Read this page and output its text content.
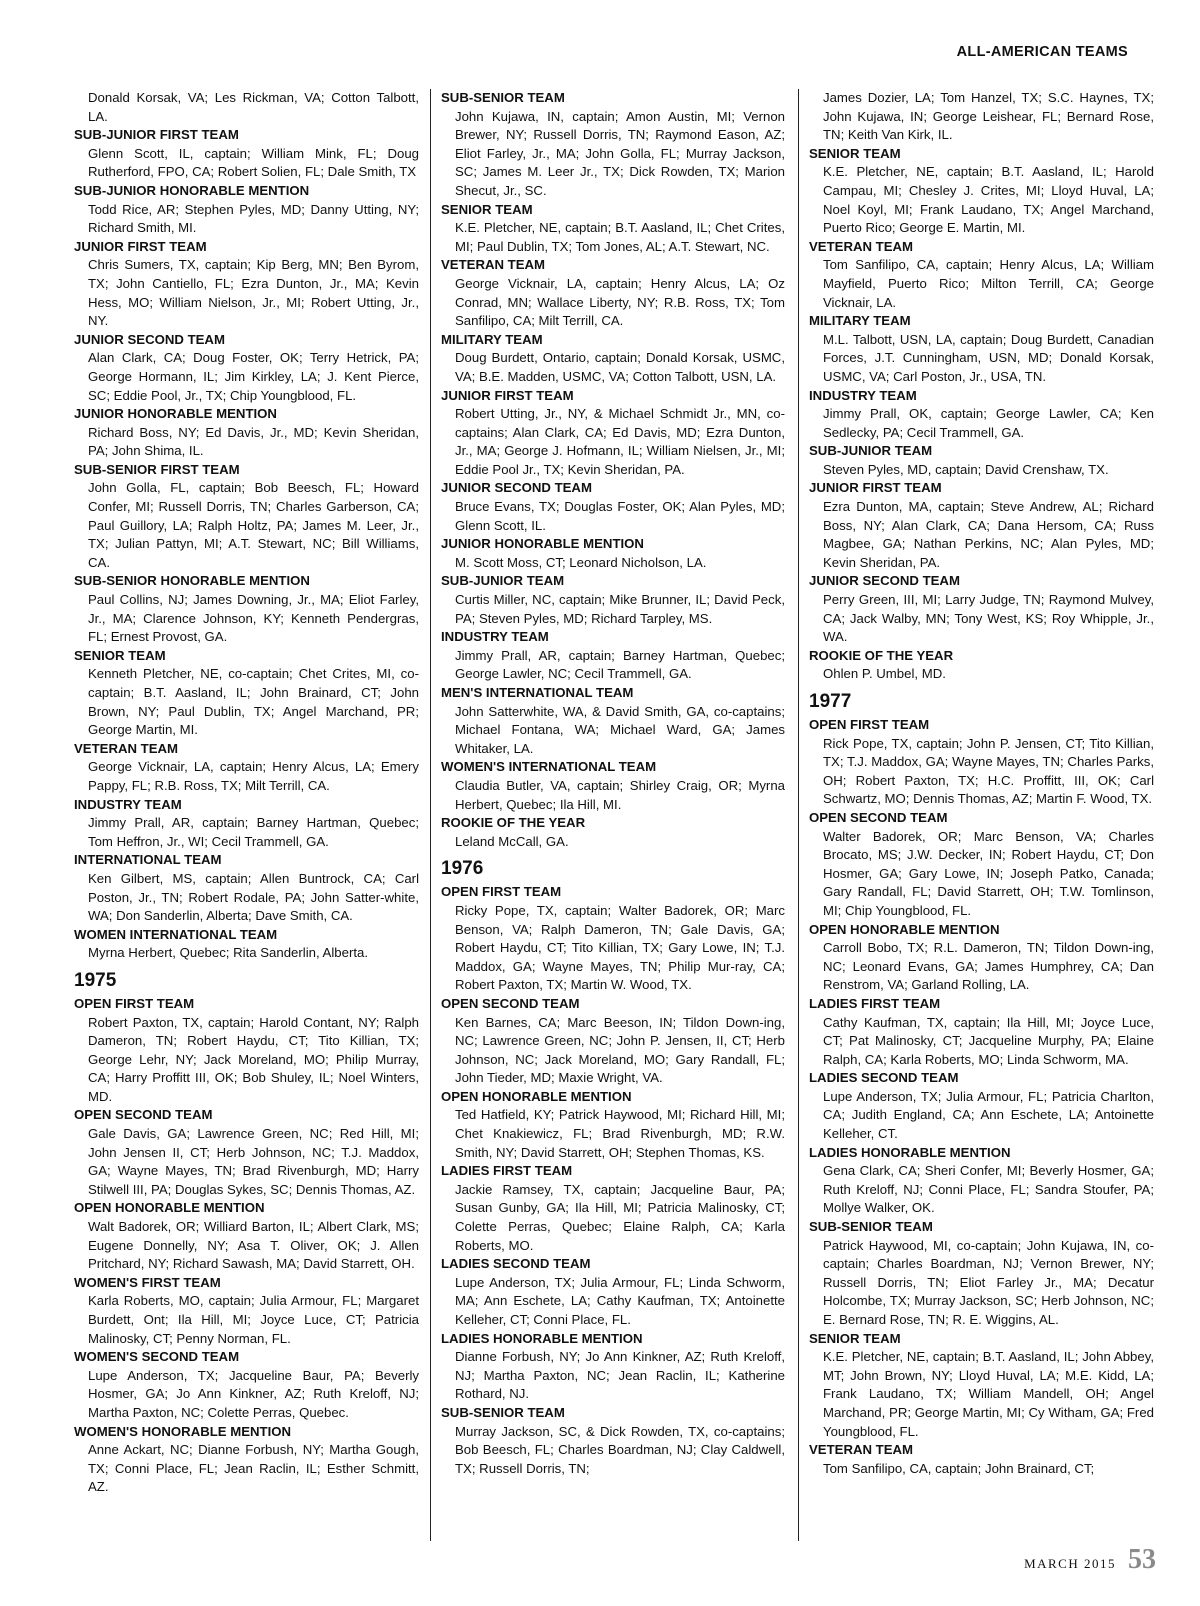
ALL-AMERICAN TEAMS
Donald Korsak, VA; Les Rickman, VA; Cotton Talbott, LA.
SUB-JUNIOR FIRST TEAM
Glenn Scott, IL, captain; William Mink, FL; Doug Rutherford, FPO, CA; Robert Solien, FL; Dale Smith, TX
SUB-JUNIOR HONORABLE MENTION
Todd Rice, AR; Stephen Pyles, MD; Danny Utting, NY; Richard Smith, MI.
JUNIOR FIRST TEAM
Chris Sumers, TX, captain; Kip Berg, MN; Ben Byrom, TX; John Cantiello, FL; Ezra Dunton, Jr., MA; Kevin Hess, MO; William Nielson, Jr., MI; Robert Utting, Jr., NY.
JUNIOR SECOND TEAM
Alan Clark, CA; Doug Foster, OK; Terry Hetrick, PA; George Hormann, IL; Jim Kirkley, LA; J. Kent Pierce, SC; Eddie Pool, Jr., TX; Chip Youngblood, FL.
JUNIOR HONORABLE MENTION
Richard Boss, NY; Ed Davis, Jr., MD; Kevin Sheridan, PA; John Shima, IL.
SUB-SENIOR FIRST TEAM
John Golla, FL, captain; Bob Beesch, FL; Howard Confer, MI; Russell Dorris, TN; Charles Garberson, CA; Paul Guillory, LA; Ralph Holtz, PA; James M. Leer, Jr., TX; Julian Pattyn, MI; A.T. Stewart, NC; Bill Williams, CA.
SUB-SENIOR HONORABLE MENTION
Paul Collins, NJ; James Downing, Jr., MA; Eliot Farley, Jr., MA; Clarence Johnson, KY; Kenneth Pendergras, FL; Ernest Provost, GA.
SENIOR TEAM
Kenneth Pletcher, NE, co-captain; Chet Crites, MI, co-captain; B.T. Aasland, IL; John Brainard, CT; John Brown, NY; Paul Dublin, TX; Angel Marchand, PR; George Martin, MI.
VETERAN TEAM
George Vicknair, LA, captain; Henry Alcus, LA; Emery Pappy, FL; R.B. Ross, TX; Milt Terrill, CA.
INDUSTRY TEAM
Jimmy Prall, AR, captain; Barney Hartman, Quebec; Tom Heffron, Jr., WI; Cecil Trammell, GA.
INTERNATIONAL TEAM
Ken Gilbert, MS, captain; Allen Buntrock, CA; Carl Poston, Jr., TN; Robert Rodale, PA; John Satter-white, WA; Don Sanderlin, Alberta; Dave Smith, CA.
WOMEN INTERNATIONAL TEAM
Myrna Herbert, Quebec; Rita Sanderlin, Alberta.
1975
OPEN FIRST TEAM
Robert Paxton, TX, captain; Harold Contant, NY; Ralph Dameron, TN; Robert Haydu, CT; Tito Killian, TX; George Lehr, NY; Jack Moreland, MO; Philip Murray, CA; Harry Proffitt III, OK; Bob Shuley, IL; Noel Winters, MD.
OPEN SECOND TEAM
Gale Davis, GA; Lawrence Green, NC; Red Hill, MI; John Jensen II, CT; Herb Johnson, NC; T.J. Maddox, GA; Wayne Mayes, TN; Brad Rivenburgh, MD; Harry Stilwell III, PA; Douglas Sykes, SC; Dennis Thomas, AZ.
OPEN HONORABLE MENTION
Walt Badorek, OR; Williard Barton, IL; Albert Clark, MS; Eugene Donnelly, NY; Asa T. Oliver, OK; J. Allen Pritchard, NY; Richard Sawash, MA; David Starrett, OH.
WOMEN'S FIRST TEAM
Karla Roberts, MO, captain; Julia Armour, FL; Margaret Burdett, Ont; Ila Hill, MI; Joyce Luce, CT; Patricia Malinosky, CT; Penny Norman, FL.
WOMEN'S SECOND TEAM
Lupe Anderson, TX; Jacqueline Baur, PA; Beverly Hosmer, GA; Jo Ann Kinkner, AZ; Ruth Kreloff, NJ; Martha Paxton, NC; Colette Perras, Quebec.
WOMEN'S HONORABLE MENTION
Anne Ackart, NC; Dianne Forbush, NY; Martha Gough, TX; Conni Place, FL; Jean Raclin, IL; Esther Schmitt, AZ.
SUB-SENIOR TEAM
John Kujawa, IN, captain; Amon Austin, MI; Vernon Brewer, NY; Russell Dorris, TN; Raymond Eason, AZ; Eliot Farley, Jr., MA; John Golla, FL; Murray Jackson, SC; James M. Leer Jr., TX; Dick Rowden, TX; Marion Shecut, Jr., SC.
SENIOR TEAM
K.E. Pletcher, NE, captain; B.T. Aasland, IL; Chet Crites, MI; Paul Dublin, TX; Tom Jones, AL; A.T. Stewart, NC.
VETERAN TEAM
George Vicknair, LA, captain; Henry Alcus, LA; Oz Conrad, MN; Wallace Liberty, NY; R.B. Ross, TX; Tom Sanfilipo, CA; Milt Terrill, CA.
MILITARY TEAM
Doug Burdett, Ontario, captain; Donald Korsak, USMC, VA; B.E. Madden, USMC, VA; Cotton Talbott, USN, LA.
JUNIOR FIRST TEAM
Robert Utting, Jr., NY, & Michael Schmidt Jr., MN, co-captains; Alan Clark, CA; Ed Davis, MD; Ezra Dunton, Jr., MA; George J. Hofmann, IL; William Nielsen, Jr., MI; Eddie Pool Jr., TX; Kevin Sheridan, PA.
JUNIOR SECOND TEAM
Bruce Evans, TX; Douglas Foster, OK; Alan Pyles, MD; Glenn Scott, IL.
JUNIOR HONORABLE MENTION
M. Scott Moss, CT; Leonard Nicholson, LA.
SUB-JUNIOR TEAM
Curtis Miller, NC, captain; Mike Brunner, IL; David Peck, PA; Steven Pyles, MD; Richard Tarpley, MS.
INDUSTRY TEAM
Jimmy Prall, AR, captain; Barney Hartman, Quebec; George Lawler, NC; Cecil Trammell, GA.
MEN'S INTERNATIONAL TEAM
John Satterwhite, WA, & David Smith, GA, co-captains; Michael Fontana, WA; Michael Ward, GA; James Whitaker, LA.
WOMEN'S INTERNATIONAL TEAM
Claudia Butler, VA, captain; Shirley Craig, OR; Myrna Herbert, Quebec; Ila Hill, MI.
ROOKIE OF THE YEAR
Leland McCall, GA.
1976
OPEN FIRST TEAM
Ricky Pope, TX, captain; Walter Badorek, OR; Marc Benson, VA; Ralph Dameron, TN; Gale Davis, GA; Robert Haydu, CT; Tito Killian, TX; Gary Lowe, IN; T.J. Maddox, GA; Wayne Mayes, TN; Philip Mur-ray, CA; Robert Paxton, TX; Martin W. Wood, TX.
OPEN SECOND TEAM
Ken Barnes, CA; Marc Beeson, IN; Tildon Down-ing, NC; Lawrence Green, NC; John P. Jensen, II, CT; Herb Johnson, NC; Jack Moreland, MO; Gary Randall, FL; John Tieder, MD; Maxie Wright, VA.
OPEN HONORABLE MENTION
Ted Hatfield, KY; Patrick Haywood, MI; Richard Hill, MI; Chet Knakiewicz, FL; Brad Rivenburgh, MD; R.W. Smith, NY; David Starrett, OH; Stephen Thomas, KS.
LADIES FIRST TEAM
Jackie Ramsey, TX, captain; Jacqueline Baur, PA; Susan Gunby, GA; Ila Hill, MI; Patricia Malinosky, CT; Colette Perras, Quebec; Elaine Ralph, CA; Karla Roberts, MO.
LADIES SECOND TEAM
Lupe Anderson, TX; Julia Armour, FL; Linda Schworm, MA; Ann Eschete, LA; Cathy Kaufman, TX; Antoinette Kelleher, CT; Conni Place, FL.
LADIES HONORABLE MENTION
Dianne Forbush, NY; Jo Ann Kinkner, AZ; Ruth Kreloff, NJ; Martha Paxton, NC; Jean Raclin, IL; Katherine Rothard, NJ.
SUB-SENIOR TEAM
Murray Jackson, SC, & Dick Rowden, TX, co-captains; Bob Beesch, FL; Charles Boardman, NJ; Clay Caldwell, TX; Russell Dorris, TN;
James Dozier, LA; Tom Hanzel, TX; S.C. Haynes, TX; John Kujawa, IN; George Leishear, FL; Bernard Rose, TN; Keith Van Kirk, IL.
SENIOR TEAM
K.E. Pletcher, NE, captain; B.T. Aasland, IL; Harold Campau, MI; Chesley J. Crites, MI; Lloyd Huval, LA; Noel Koyl, MI; Frank Laudano, TX; Angel Marchand, Puerto Rico; George E. Martin, MI.
VETERAN TEAM
Tom Sanfilipo, CA, captain; Henry Alcus, LA; William Mayfield, Puerto Rico; Milton Terrill, CA; George Vicknair, LA.
MILITARY TEAM
M.L. Talbott, USN, LA, captain; Doug Burdett, Canadian Forces, J.T. Cunningham, USN, MD; Donald Korsak, USMC, VA; Carl Poston, Jr., USA, TN.
INDUSTRY TEAM
Jimmy Prall, OK, captain; George Lawler, CA; Ken Sedlecky, PA; Cecil Trammell, GA.
SUB-JUNIOR TEAM
Steven Pyles, MD, captain; David Crenshaw, TX.
JUNIOR FIRST TEAM
Ezra Dunton, MA, captain; Steve Andrew, AL; Richard Boss, NY; Alan Clark, CA; Dana Hersom, CA; Russ Magbee, GA; Nathan Perkins, NC; Alan Pyles, MD; Kevin Sheridan, PA.
JUNIOR SECOND TEAM
Perry Green, III, MI; Larry Judge, TN; Raymond Mulvey, CA; Jack Walby, MN; Tony West, KS; Roy Whipple, Jr., WA.
ROOKIE OF THE YEAR
Ohlen P. Umbel, MD.
1977
OPEN FIRST TEAM
Rick Pope, TX, captain; John P. Jensen, CT; Tito Killian, TX; T.J. Maddox, GA; Wayne Mayes, TN; Charles Parks, OH; Robert Paxton, TX; H.C. Proffitt, III, OK; Carl Schwartz, MO; Dennis Thomas, AZ; Martin F. Wood, TX.
OPEN SECOND TEAM
Walter Badorek, OR; Marc Benson, VA; Charles Brocato, MS; J.W. Decker, IN; Robert Haydu, CT; Don Hosmer, GA; Gary Lowe, IN; Joseph Patko, Canada; Gary Randall, FL; David Starrett, OH; T.W. Tomlinson, MI; Chip Youngblood, FL.
OPEN HONORABLE MENTION
Carroll Bobo, TX; R.L. Dameron, TN; Tildon Down-ing, NC; Leonard Evans, GA; James Humphrey, CA; Dan Renstrom, VA; Garland Rolling, LA.
LADIES FIRST TEAM
Cathy Kaufman, TX, captain; Ila Hill, MI; Joyce Luce, CT; Pat Malinosky, CT; Jacqueline Murphy, PA; Elaine Ralph, CA; Karla Roberts, MO; Linda Schworm, MA.
LADIES SECOND TEAM
Lupe Anderson, TX; Julia Armour, FL; Patricia Charlton, CA; Judith England, CA; Ann Eschete, LA; Antoinette Kelleher, CT.
LADIES HONORABLE MENTION
Gena Clark, CA; Sheri Confer, MI; Beverly Hosmer, GA; Ruth Kreloff, NJ; Conni Place, FL; Sandra Stoufer, PA; Mollye Walker, OK.
SUB-SENIOR TEAM
Patrick Haywood, MI, co-captain; John Kujawa, IN, co-captain; Charles Boardman, NJ; Vernon Brewer, NY; Russell Dorris, TN; Eliot Farley Jr., MA; Decatur Holcombe, TX; Murray Jackson, SC; Herb Johnson, NC; E. Bernard Rose, TN; R. E. Wiggins, AL.
SENIOR TEAM
K.E. Pletcher, NE, captain; B.T. Aasland, IL; John Abbey, MT; John Brown, NY; Lloyd Huval, LA; M.E. Kidd, LA; Frank Laudano, TX; William Mandell, OH; Angel Marchand, PR; George Martin, MI; Cy Witham, GA; Fred Youngblood, FL.
VETERAN TEAM
Tom Sanfilipo, CA, captain; John Brainard, CT;
MARCH 2015 53
